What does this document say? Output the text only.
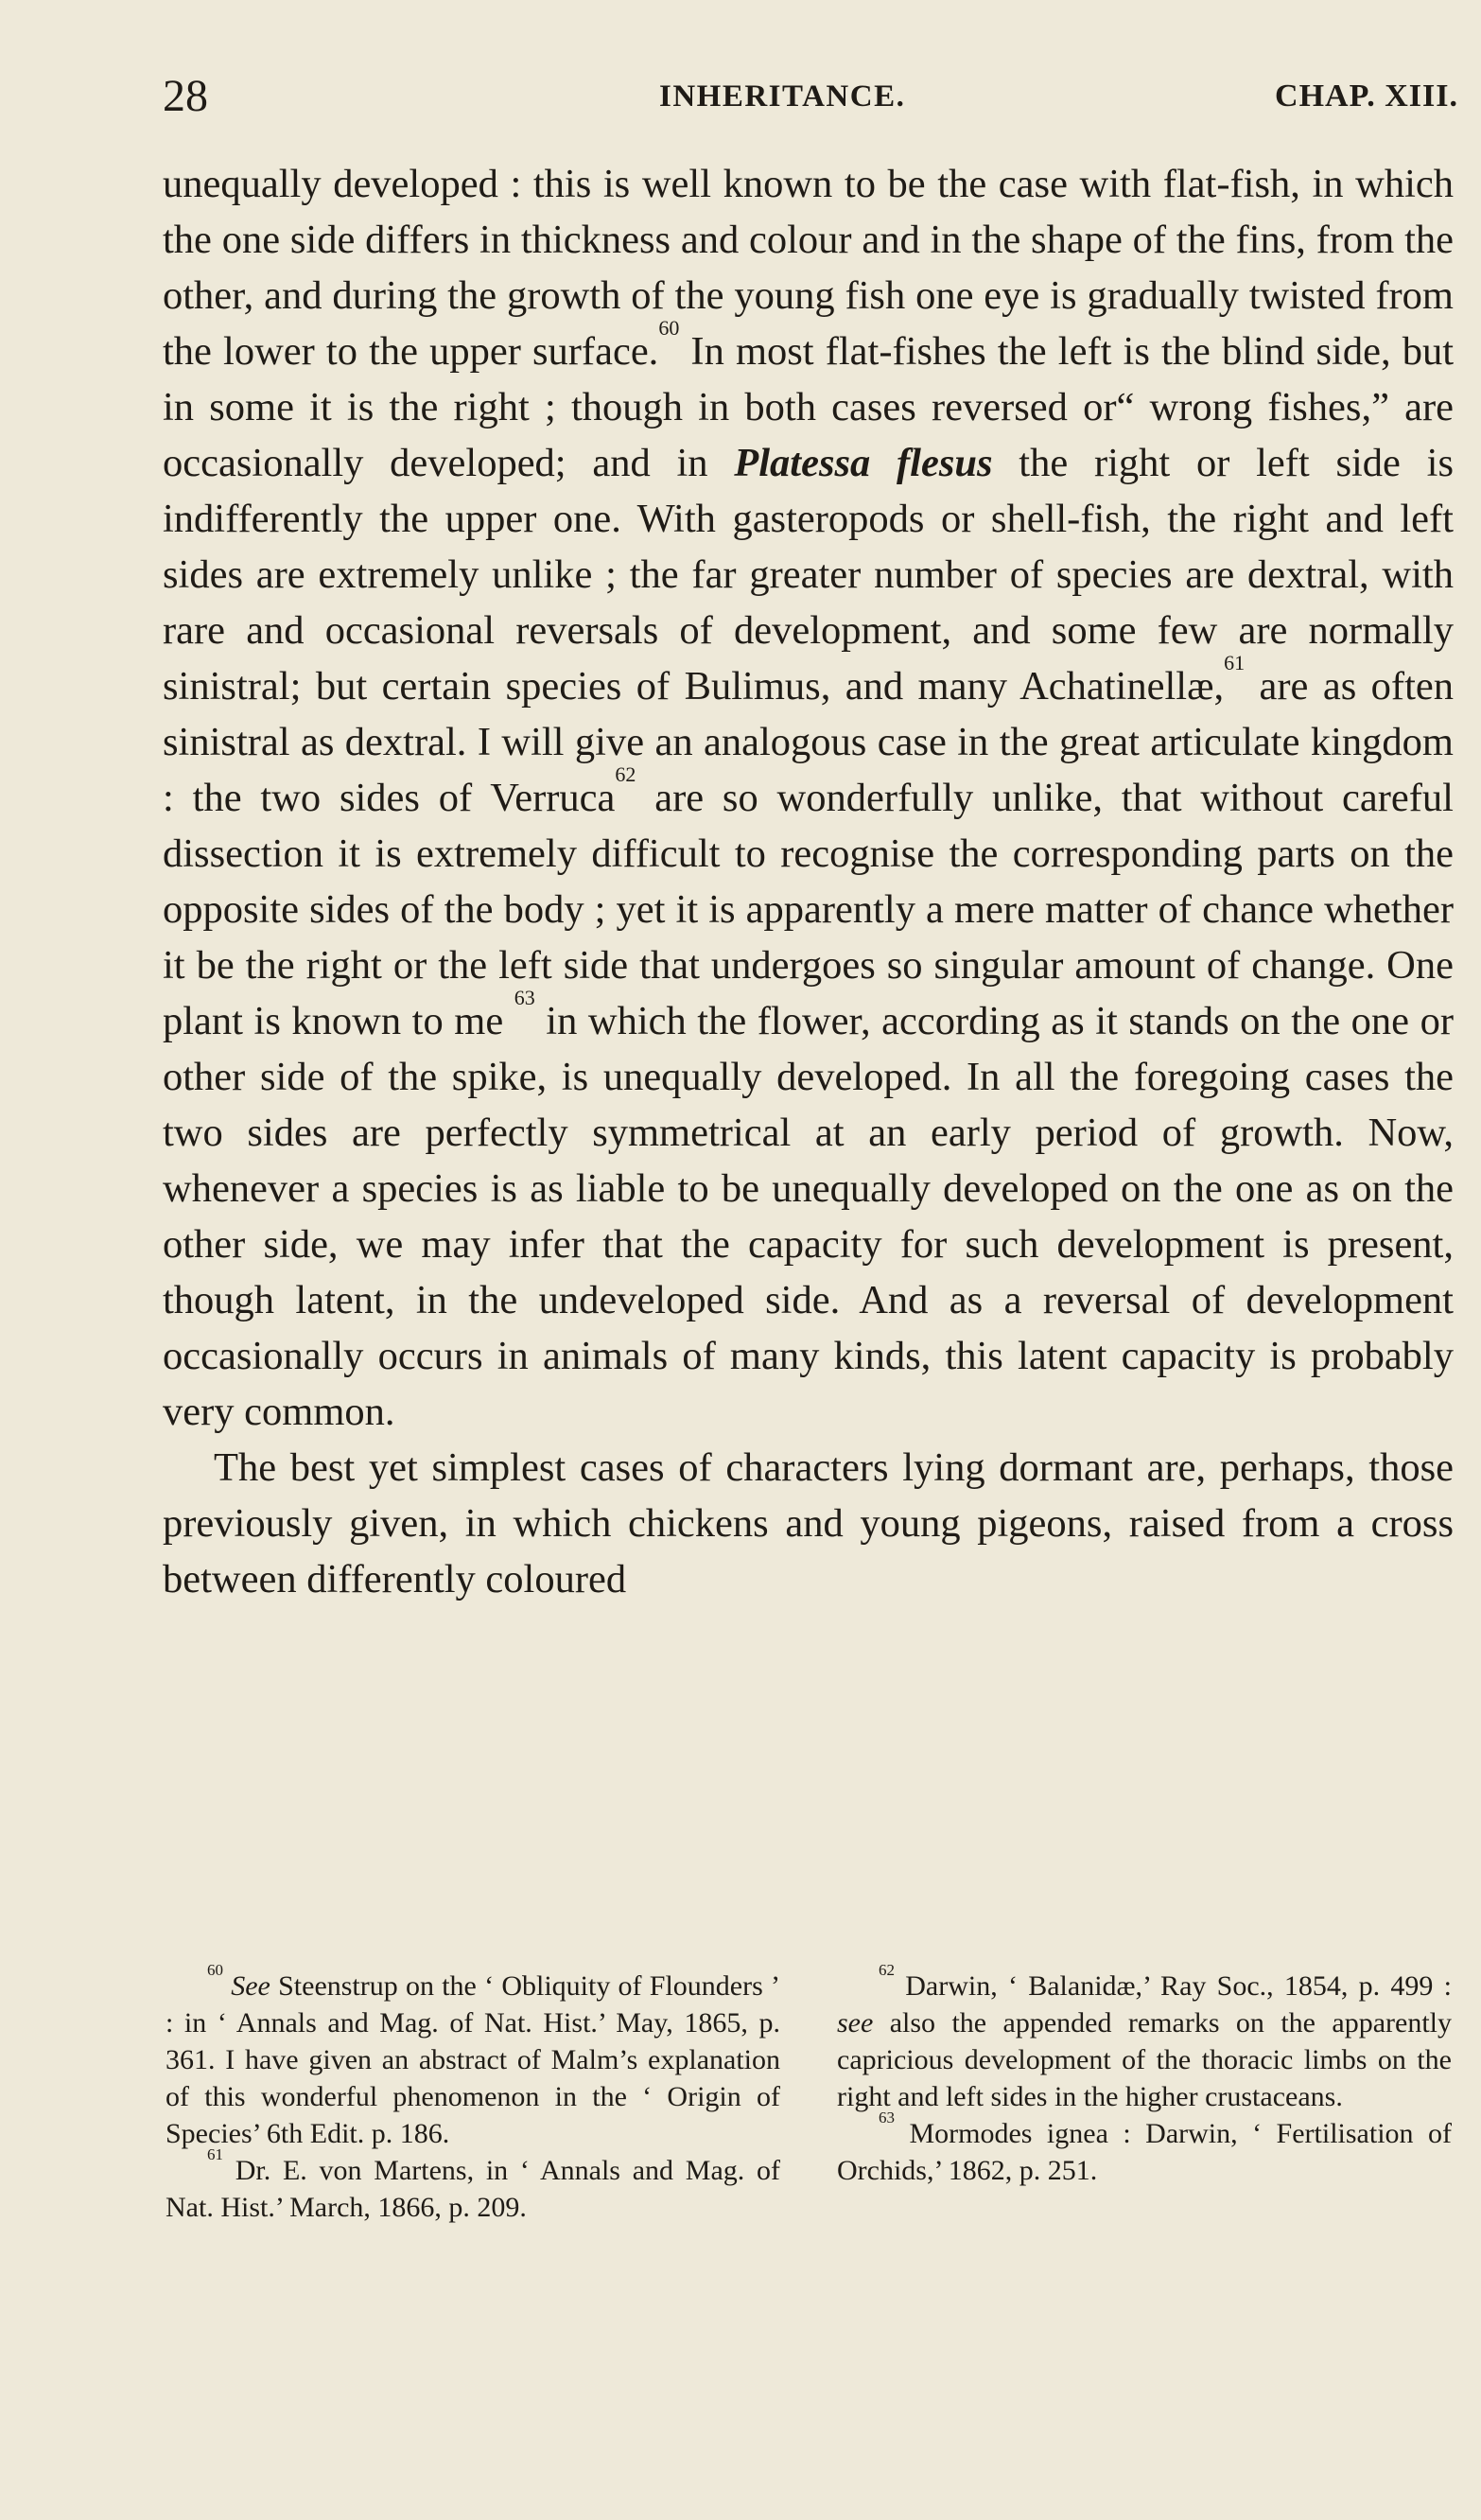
28	INHERITANCE.	CHAP. XIII.

unequally developed : this is well known to be the case with flat-fish, in which the one side differs in thickness and colour and in the shape of the fins, from the other, and during the growth of the young fish one eye is gradually twisted from the lower to the upper surface.$^{60}$ In most flat-fishes the left is the blind side, but in some it is the right ; though in both cases reversed or“ wrong fishes,” are occasionally developed; and in Platessa flesus the right or left side is indifferently the upper one. With gasteropods or shell-fish, the right and left sides are extremely unlike ; the far greater number of species are dextral, with rare and occasional reversals of development, and some few are normally sinistral; but certain species of Bulimus, and many Achatinellæ,$^{61}$ are as often sinistral as dextral. I will give an analogous case in the great articulate kingdom : the two sides of Verruca$^{62}$ are so wonderfully unlike, that without careful dissection it is extremely difficult to recognise the corresponding parts on the opposite sides of the body ; yet it is apparently a mere matter of chance whether it be the right or the left side that undergoes so singular amount of change. One plant is known to me $^{63}$ in which the flower, according as it stands on the one or other side of the spike, is unequally developed. In all the foregoing cases the two sides are perfectly symmetrical at an early period of growth. Now, whenever a species is as liable to be unequally developed on the one as on the other side, we may infer that the capacity for such development is present, though latent, in the undeveloped side. And as a reversal of development occasionally occurs in animals of many kinds, this latent capacity is probably very common.

The best yet simplest cases of characters lying dormant are, perhaps, those previously given, in which chickens and young pigeons, raised from a cross between differently coloured

$^{60}$ See Steenstrup on the ‘ Obliquity of Flounders ’ : in ‘ Annals and Mag. of Nat. Hist.’ May, 1865, p. 361. I have given an abstract of Malm’s explanation of this wonderful phenomenon in the ‘ Origin of Species’ 6th Edit. p. 186.

$^{61}$ Dr. E. von Martens, in ‘ Annals and Mag. of Nat. Hist.’ March, 1866, p. 209.

$^{62}$ Darwin, ‘ Balanidæ,’ Ray Soc., 1854, p. 499 : see also the appended remarks on the apparently capricious development of the thoracic limbs on the right and left sides in the higher crustaceans.

$^{63}$ Mormodes ignea : Darwin, ‘ Fertilisation of Orchids,’ 1862, p. 251.
